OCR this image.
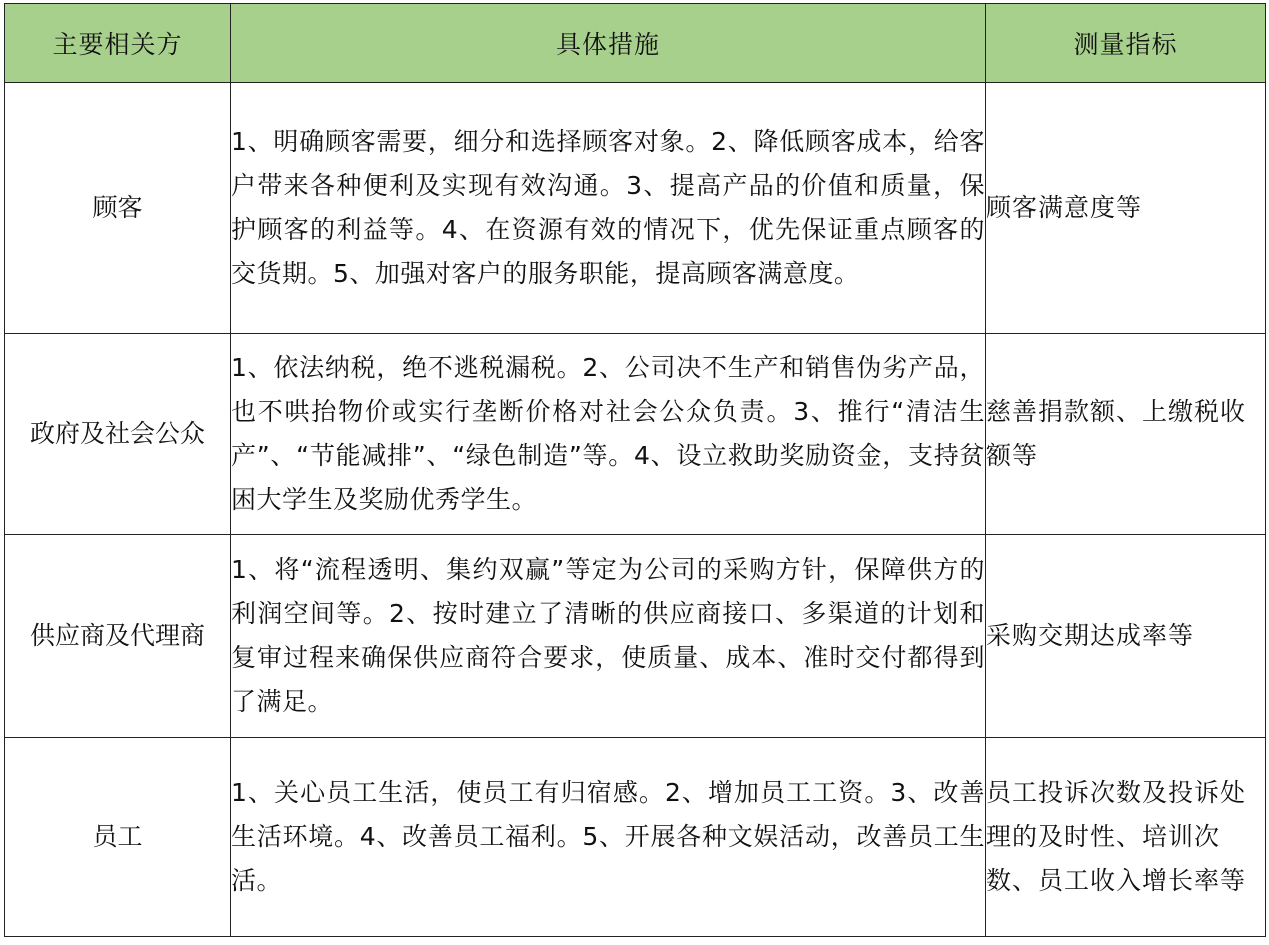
主要相关方	具体措施	测量指标
顾客	1、明确顾客需要，细分和选择顾客对象。2、降低顾客成本，给客户带来各种便利及实现有效沟通。3、提高产品的价值和质量，保护顾客的利益等。4、在资源有效的情况下，优先保证重点顾客的交货期。5、加强对客户的服务职能，提高顾客满意度。	顾客满意度等
政府及社会公众	1、依法纳税，绝不逃税漏税。2、公司决不生产和销售伪劣产品，也不哄抬物价或实行垄断价格对社会公众负责。3、推行“清洁生产”、“节能减排”、“绿色制造”等。4、设立救助奖励资金，支持贫困大学生及奖励优秀学生。	慈善捐款额、上缴税收额等
供应商及代理商	1、将“流程透明、集约双赢”等定为公司的采购方针，保障供方的利润空间等。2、按时建立了清晰的供应商接口、多渠道的计划和复审过程来确保供应商符合要求，使质量、成本、准时交付都得到了满足。	采购交期达成率等
员工	1、关心员工生活，使员工有归宿感。2、增加员工工资。3、改善生活环境。4、改善员工福利。5、开展各种文娱活动，改善员工生活。	员工投诉次数及投诉处理的及时性、培训次数、员工收入增长率等
